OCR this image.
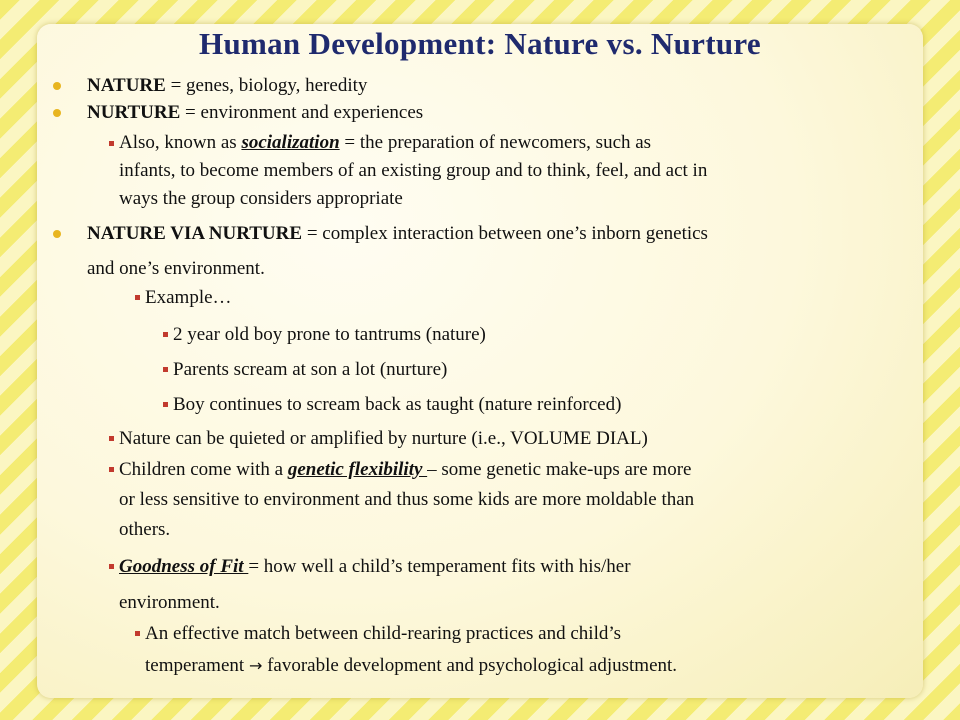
Human Development: Nature vs. Nurture
NATURE = genes, biology, heredity
NURTURE = environment and experiences
Also, known as socialization = the preparation of newcomers, such as
infants, to become members of an existing group and to think, feel, and act in
ways the group considers appropriate
NATURE VIA NURTURE = complex interaction between one’s inborn genetics
and one’s environment.
Example…
2 year old boy prone to tantrums (nature)
Parents scream at son a lot (nurture)
Boy continues to scream back as taught (nature reinforced)
Nature can be quieted or amplified by nurture (i.e., VOLUME DIAL)
Children come with a genetic flexibility – some genetic make-ups are more
or less sensitive to environment and thus some kids are more moldable than
others.
Goodness of Fit = how well a child’s temperament fits with his/her
environment.
An effective match between child-rearing practices and child’s
temperament → favorable development and psychological adjustment.
